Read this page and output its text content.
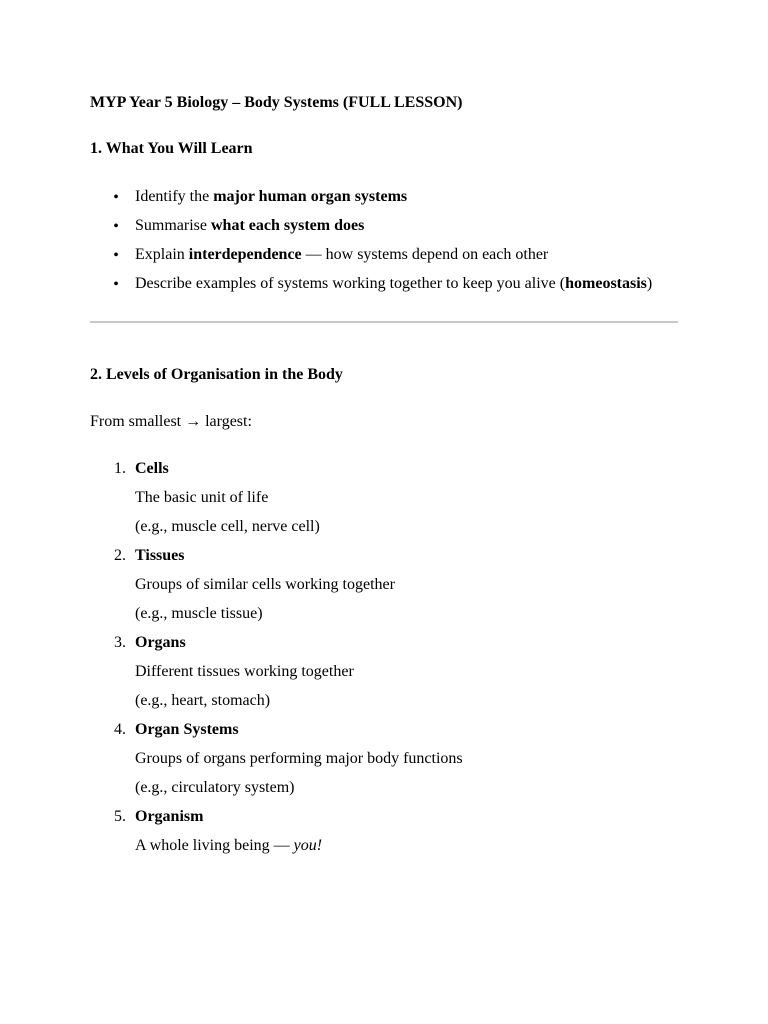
MYP Year 5 Biology – Body Systems (FULL LESSON)
1. What You Will Learn
• Identify the major human organ systems
• Summarise what each system does
• Explain interdependence — how systems depend on each other
• Describe examples of systems working together to keep you alive (homeostasis)
2. Levels of Organisation in the Body
From smallest → largest:
1. Cells
The basic unit of life
(e.g., muscle cell, nerve cell)
2. Tissues
Groups of similar cells working together
(e.g., muscle tissue)
3. Organs
Different tissues working together
(e.g., heart, stomach)
4. Organ Systems
Groups of organs performing major body functions
(e.g., circulatory system)
5. Organism
A whole living being — you!
